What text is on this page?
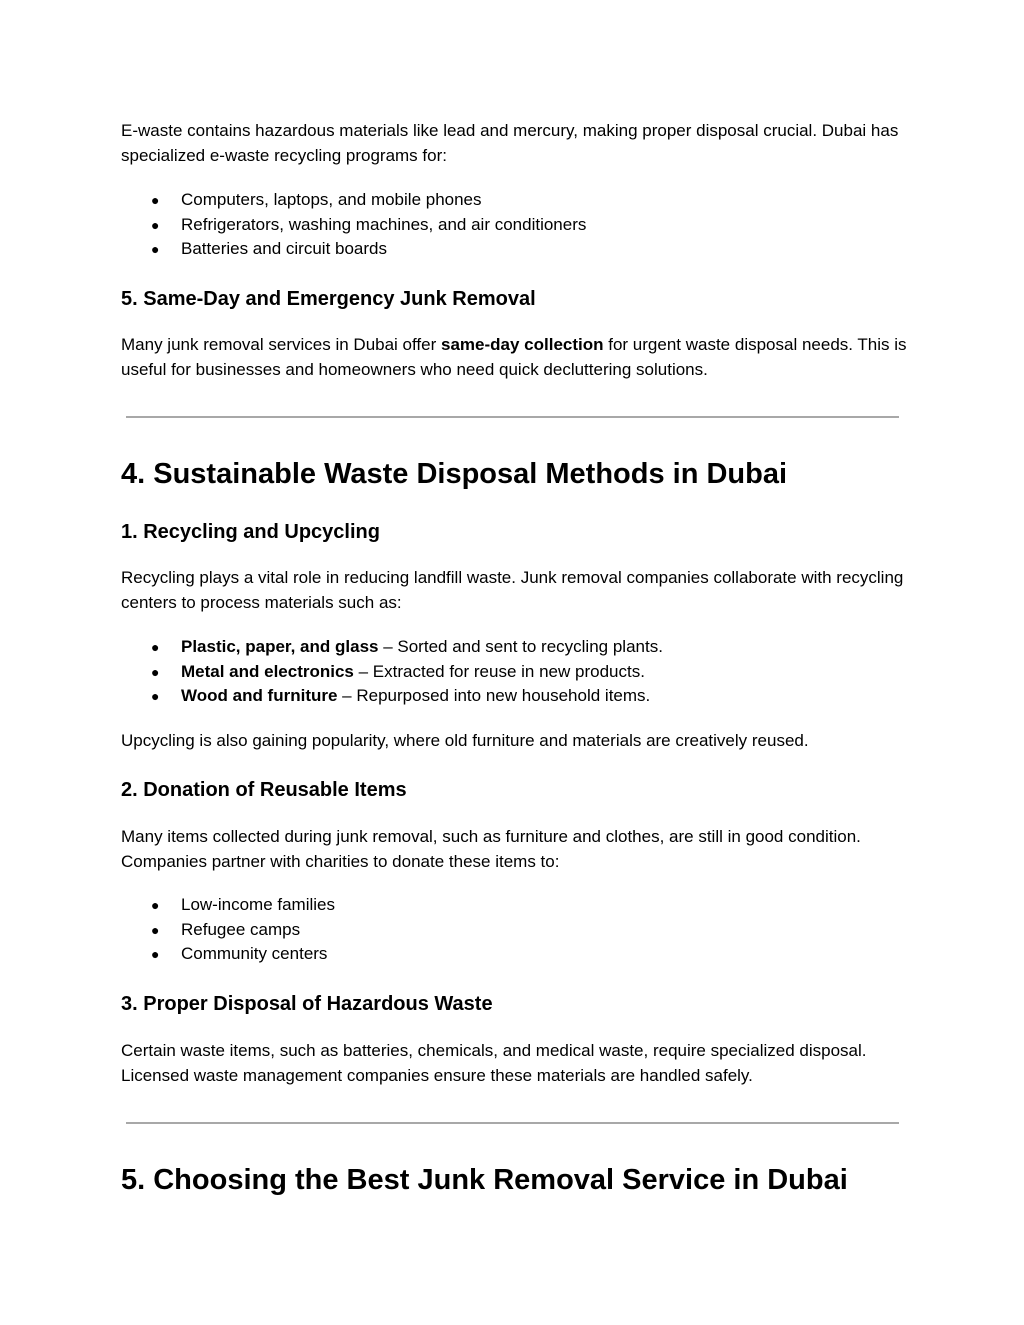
E-waste contains hazardous materials like lead and mercury, making proper disposal crucial. Dubai has specialized e-waste recycling programs for:

● Computers, laptops, and mobile phones
● Refrigerators, washing machines, and air conditioners
● Batteries and circuit boards
5. Same-Day and Emergency Junk Removal

Many junk removal services in Dubai offer same-day collection for urgent waste disposal needs. This is useful for businesses and homeowners who need quick decluttering solutions.

4. Sustainable Waste Disposal Methods in Dubai
1. Recycling and Upcycling

Recycling plays a vital role in reducing landfill waste. Junk removal companies collaborate with recycling centers to process materials such as:

● Plastic, paper, and glass – Sorted and sent to recycling plants.
● Metal and electronics – Extracted for reuse in new products.
● Wood and furniture – Repurposed into new household items.

Upcycling is also gaining popularity, where old furniture and materials are creatively reused.

2. Donation of Reusable Items

Many items collected during junk removal, such as furniture and clothes, are still in good condition. Companies partner with charities to donate these items to:

● Low-income families
● Refugee camps
● Community centers
3. Proper Disposal of Hazardous Waste

Certain waste items, such as batteries, chemicals, and medical waste, require specialized disposal. Licensed waste management companies ensure these materials are handled safely.

5. Choosing the Best Junk Removal Service in Dubai
